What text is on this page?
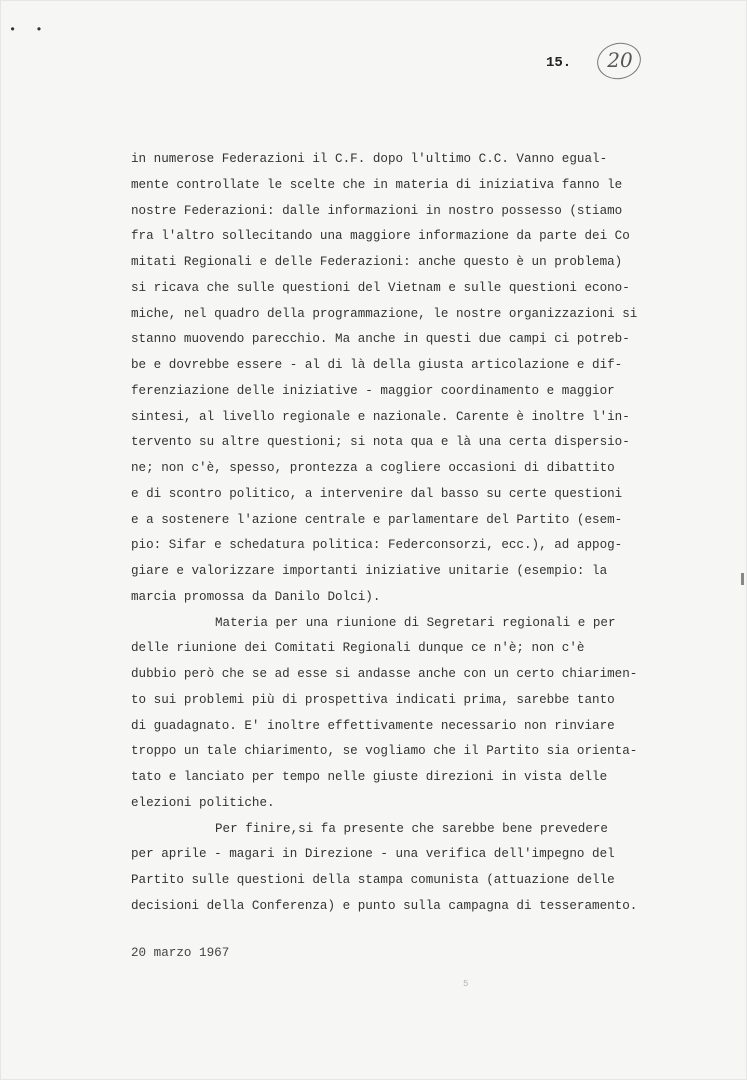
• •
15.	20
in numerose Federazioni il C.F. dopo l'ultimo C.C. Vanno egual-
mente controllate le scelte che in materia di iniziativa fanno le
nostre Federazioni: dalle informazioni in nostro possesso (stiamo
fra l'altro sollecitando una maggiore informazione da parte dei Co
mitati Regionali e delle Federazioni: anche questo è un problema)
si ricava che sulle questioni del Vietnam e sulle questioni econo-
miche, nel quadro della programmazione, le nostre organizzazioni si
stanno muovendo parecchio. Ma anche in questi due campi ci potreb-
be e dovrebbe essere - al di là della giusta articolazione e dif-
ferenziazione delle iniziative - maggior coordinamento e maggior
sintesi, al livello regionale e nazionale. Carente è inoltre l'in-
tervento su altre questioni; si nota qua e là una certa dispersio-
ne; non c'è, spesso, prontezza a cogliere occasioni di dibattito
e di scontro politico, a intervenire dal basso su certe questioni
e a sostenere l'azione centrale e parlamentare del Partito (esem-
pio: Sifar e schedatura politica: Federconsorzi, ecc.), ad appog-
giare e valorizzare importanti iniziative unitarie (esempio: la
marcia promossa da Danilo Dolci).
Materia per una riunione di Segretari regionali e per
delle riunione dei Comitati Regionali dunque ce n'è; non c'è
dubbio però che se ad esse si andasse anche con un certo chiarimen-
to sui problemi più di prospettiva indicati prima, sarebbe tanto
di guadagnato. E' inoltre effettivamente necessario non rinviare
troppo un tale chiarimento, se vogliamo che il Partito sia orienta-
tato e lanciato per tempo nelle giuste direzioni in vista delle
elezioni politiche.
Per finire,si fa presente che sarebbe bene prevedere
per aprile - magari in Direzione - una verifica dell'impegno del
Partito sulle questioni della stampa comunista (attuazione delle
decisioni della Conferenza) e punto sulla campagna di tesseramento.
20 marzo 1967
5
